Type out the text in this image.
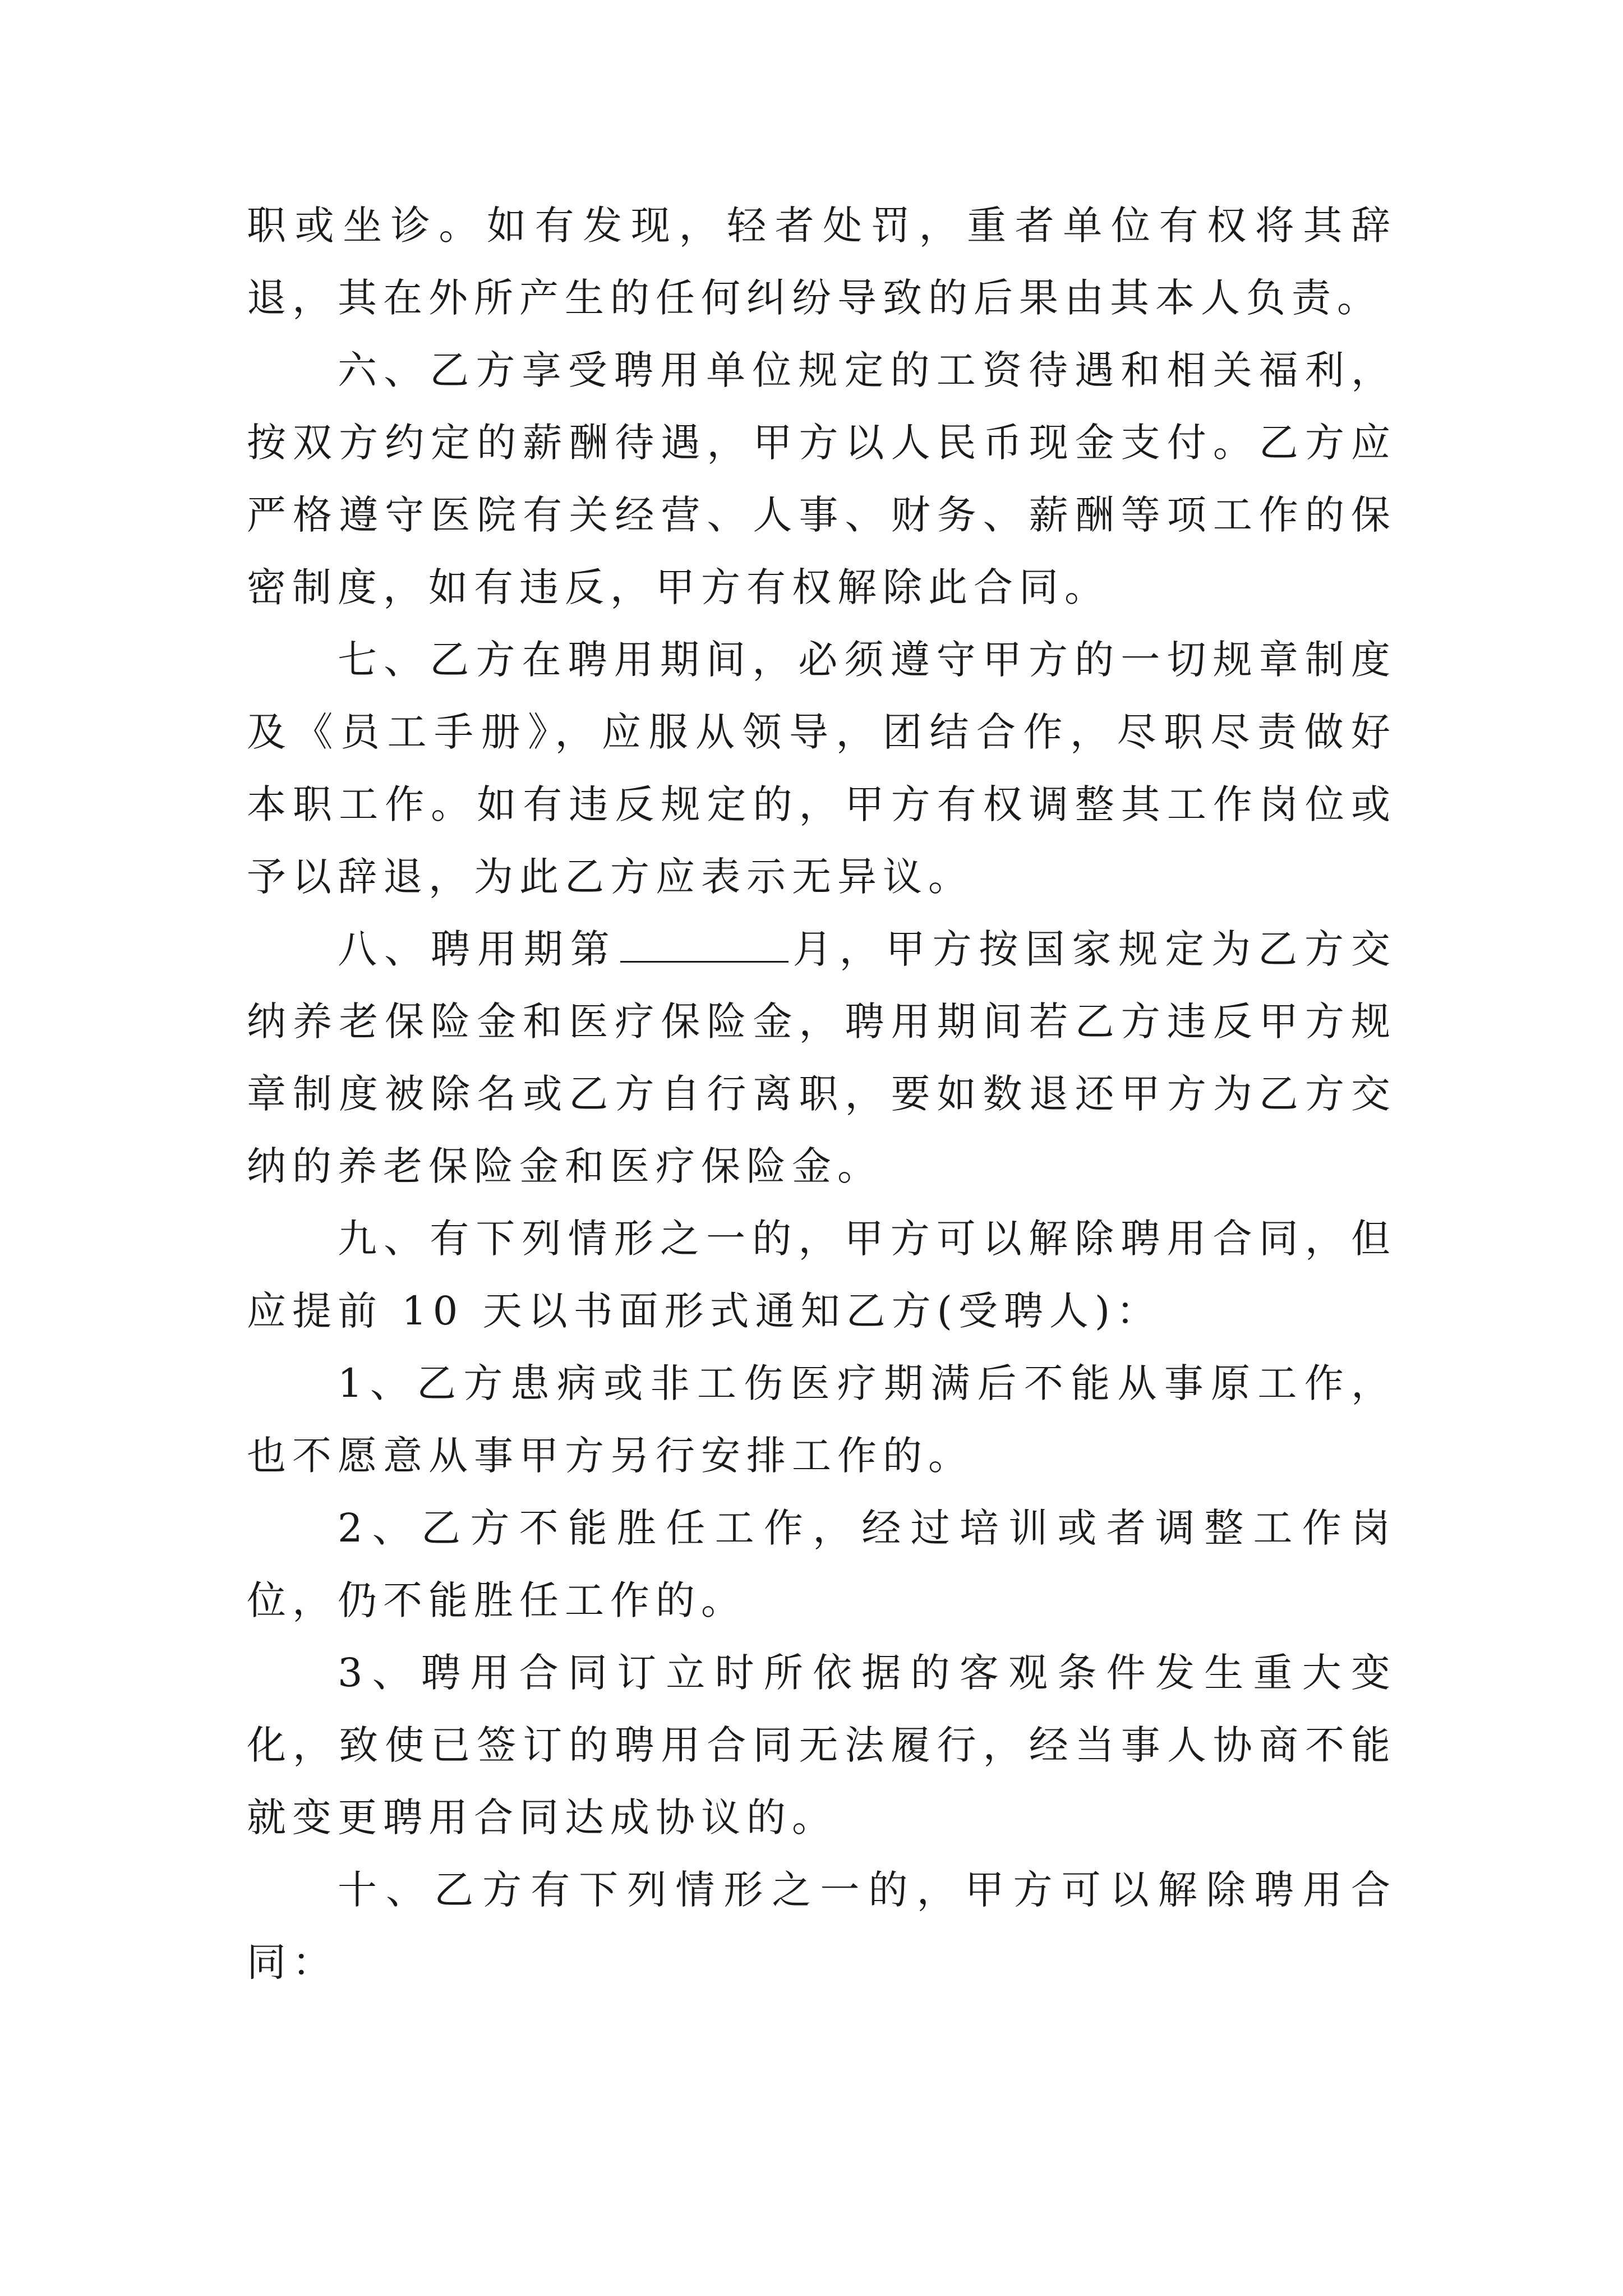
职或坐诊。如有发现，轻者处罚，重者单位有权将其辞退，其在外所产生的任何纠纷导致的后果由其本人负责。

六、乙方享受聘用单位规定的工资待遇和相关福利，按双方约定的薪酬待遇，甲方以人民币现金支付。乙方应严格遵守医院有关经营、人事、财务、薪酬等项工作的保密制度，如有违反，甲方有权解除此合同。

七、乙方在聘用期间，必须遵守甲方的一切规章制度及《员工手册》，应服从领导，团结合作，尽职尽责做好本职工作。如有违反规定的，甲方有权调整其工作岗位或予以辞退，为此乙方应表示无异议。

八、聘用期第	月，甲方按国家规定为乙方交纳养老保险金和医疗保险金，聘用期间若乙方违反甲方规章制度被除名或乙方自行离职，要如数退还甲方为乙方交纳的养老保险金和医疗保险金。

九、有下列情形之一的，甲方可以解除聘用合同，但应提前 10 天以书面形式通知乙方(受聘人)：

1、乙方患病或非工伤医疗期满后不能从事原工作，也不愿意从事甲方另行安排工作的。

2、乙方不能胜任工作，经过培训或者调整工作岗位，仍不能胜任工作的。

3、聘用合同订立时所依据的客观条件发生重大变化，致使已签订的聘用合同无法履行，经当事人协商不能就变更聘用合同达成协议的。

十、乙方有下列情形之一的，甲方可以解除聘用合同：
